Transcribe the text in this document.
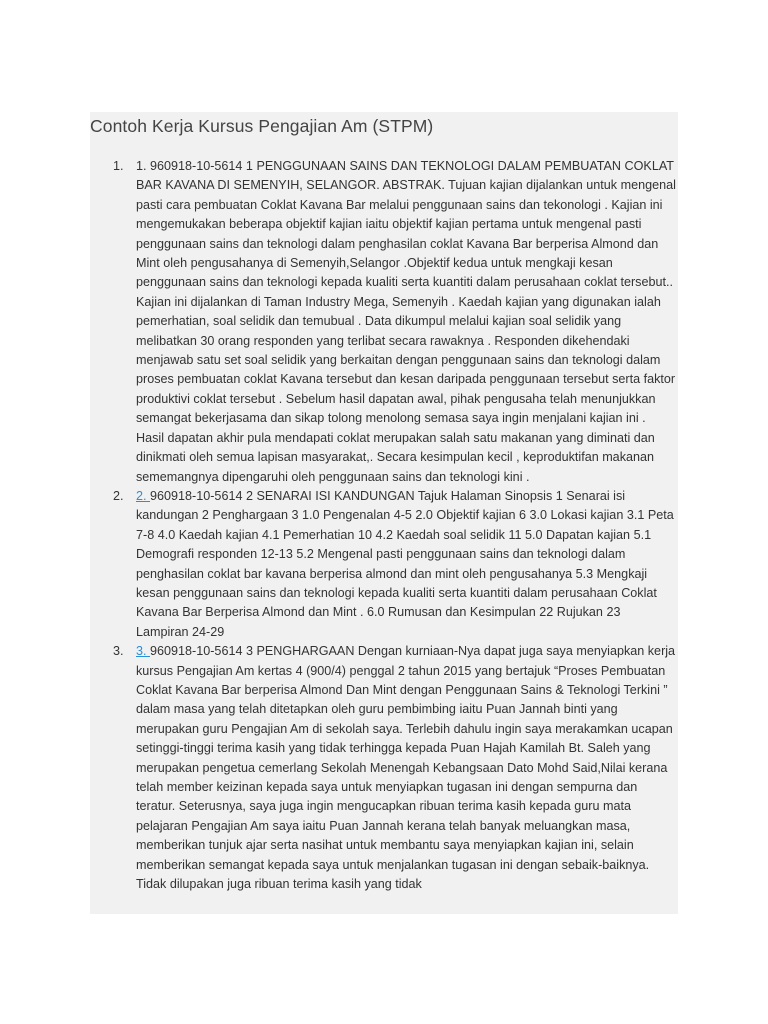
Contoh Kerja Kursus Pengajian Am (STPM)
1. 1. 960918-10-5614 1 PENGGUNAAN SAINS DAN TEKNOLOGI DALAM PEMBUATAN COKLAT BAR KAVANA DI SEMENYIH, SELANGOR. ABSTRAK. Tujuan kajian dijalankan untuk mengenal pasti cara pembuatan Coklat Kavana Bar melalui penggunaan sains dan tekonologi . Kajian ini mengemukakan beberapa objektif kajian iaitu objektif kajian pertama untuk mengenal pasti penggunaan sains dan teknologi dalam penghasilan coklat Kavana Bar berperisa Almond dan Mint oleh pengusahanya di Semenyih,Selangor .Objektif kedua untuk mengkaji kesan penggunaan sains dan teknologi kepada kualiti serta kuantiti dalam perusahaan coklat tersebut.. Kajian ini dijalankan di Taman Industry Mega, Semenyih . Kaedah kajian yang digunakan ialah pemerhatian, soal selidik dan temubual . Data dikumpul melalui kajian soal selidik yang melibatkan 30 orang responden yang terlibat secara rawaknya . Responden dikehendaki menjawab satu set soal selidik yang berkaitan dengan penggunaan sains dan teknologi dalam proses pembuatan coklat Kavana tersebut dan kesan daripada penggunaan tersebut serta faktor produktivi coklat tersebut . Sebelum hasil dapatan awal, pihak pengusaha telah menunjukkan semangat bekerjasama dan sikap tolong menolong semasa saya ingin menjalani kajian ini . Hasil dapatan akhir pula mendapati coklat merupakan salah satu makanan yang diminati dan dinikmati oleh semua lapisan masyarakat,. Secara kesimpulan kecil , keproduktifan makanan sememangnya dipengaruhi oleh penggunaan sains dan teknologi kini .
2. 2. 960918-10-5614 2 SENARAI ISI KANDUNGAN Tajuk Halaman Sinopsis 1 Senarai isi kandungan 2 Penghargaan 3 1.0 Pengenalan 4-5 2.0 Objektif kajian 6 3.0 Lokasi kajian 3.1 Peta 7-8 4.0 Kaedah kajian 4.1 Pemerhatian 10 4.2 Kaedah soal selidik 11 5.0 Dapatan kajian 5.1 Demografi responden 12-13 5.2 Mengenal pasti penggunaan sains dan teknologi dalam penghasilan coklat bar kavana berperisa almond dan mint oleh pengusahanya 5.3 Mengkaji kesan penggunaan sains dan teknologi kepada kualiti serta kuantiti dalam perusahaan Coklat Kavana Bar Berperisa Almond dan Mint . 6.0 Rumusan dan Kesimpulan 22 Rujukan 23 Lampiran 24-29
3. 3. 960918-10-5614 3 PENGHARGAAN Dengan kurniaan-Nya dapat juga saya menyiapkan kerja kursus Pengajian Am kertas 4 (900/4) penggal 2 tahun 2015 yang bertajuk “Proses Pembuatan Coklat Kavana Bar berperisa Almond Dan Mint dengan Penggunaan Sains & Teknologi Terkini ” dalam masa yang telah ditetapkan oleh guru pembimbing iaitu Puan Jannah binti yang merupakan guru Pengajian Am di sekolah saya. Terlebih dahulu ingin saya merakamkan ucapan setinggi-tinggi terima kasih yang tidak terhingga kepada Puan Hajah Kamilah Bt. Saleh yang merupakan pengetua cemerlang Sekolah Menengah Kebangsaan Dato Mohd Said,Nilai kerana telah member keizinan kepada saya untuk menyiapkan tugasan ini dengan sempurna dan teratur. Seterusnya, saya juga ingin mengucapkan ribuan terima kasih kepada guru mata pelajaran Pengajian Am saya iaitu Puan Jannah kerana telah banyak meluangkan masa, memberikan tunjuk ajar serta nasihat untuk membantu saya menyiapkan kajian ini, selain memberikan semangat kepada saya untuk menjalankan tugasan ini dengan sebaik-baiknya. Tidak dilupakan juga ribuan terima kasih yang tidak
